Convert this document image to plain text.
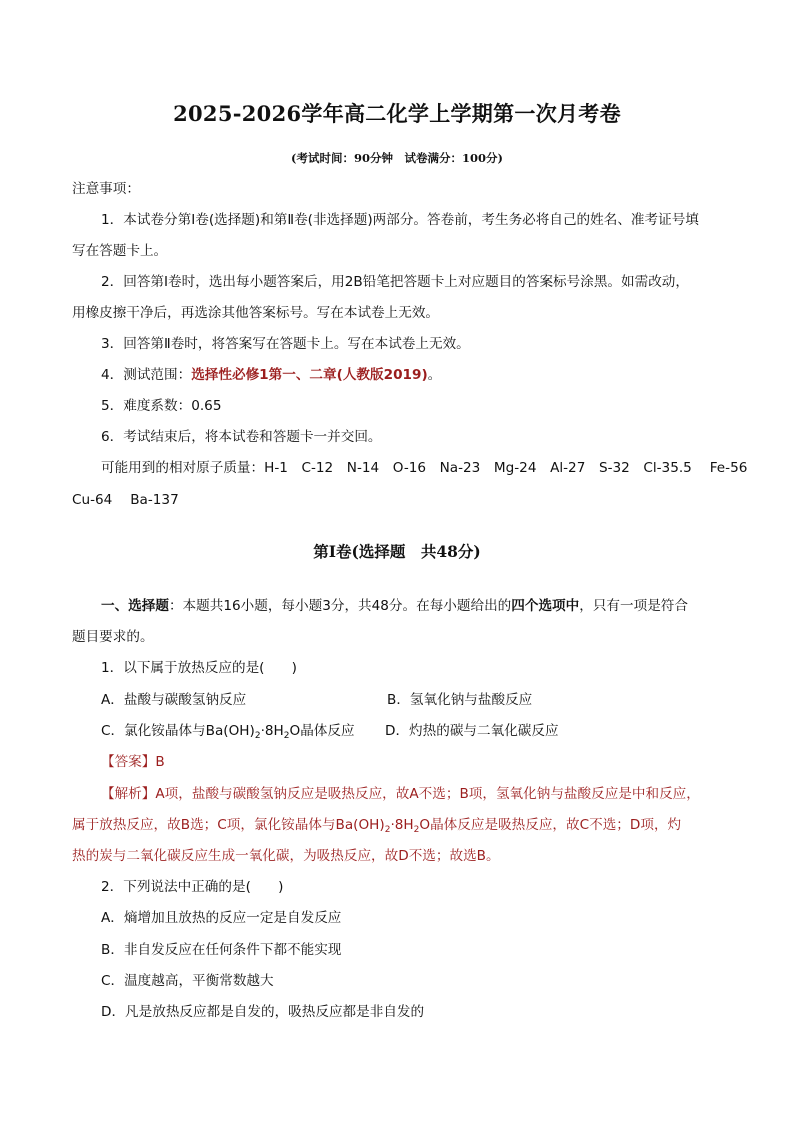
2025-2026学年高二化学上学期第一次月考卷
(考试时间：90分钟　试卷满分：100分)
注意事项：
1．本试卷分第Ⅰ卷(选择题)和第Ⅱ卷(非选择题)两部分。答卷前，考生务必将自己的姓名、准考证号填
写在答题卡上。
2．回答第Ⅰ卷时，选出每小题答案后，用2B铅笔把答题卡上对应题目的答案标号涂黑。如需改动，
用橡皮擦干净后，再选涂其他答案标号。写在本试卷上无效。
3．回答第Ⅱ卷时，将答案写在答题卡上。写在本试卷上无效。
4．测试范围：选择性必修1第一、二章(人教版2019)。
5．难度系数：0.65
6．考试结束后，将本试卷和答题卡一并交回。
可能用到的相对原子质量：H-1　C-12　N-14　O-16　Na-23　Mg-24　Al-27　S-32　Cl-35.5　 Fe-56
Cu-64　 Ba-137
第Ⅰ卷(选择题　共48分)
一、选择题：本题共16小题，每小题3分，共48分。在每小题给出的四个选项中，只有一项是符合
题目要求的。
1．以下属于放热反应的是(　　)
A．盐酸与碳酸氢钠反应	B．氢氧化钠与盐酸反应
C．氯化铵晶体与$Ba(OH)_2\cdot 8H_2O$晶体反应 D．灼热的碳与二氧化碳反应
【答案】B
【解析】A项，盐酸与碳酸氢钠反应是吸热反应，故A不选；B项，氢氧化钠与盐酸反应是中和反应，
属于放热反应，故B选；C项，氯化铵晶体与$Ba(OH)_2\cdot 8H_2O$晶体反应是吸热反应，故C不选；D项，灼
热的炭与二氧化碳反应生成一氧化碳，为吸热反应，故D不选；故选B。
2．下列说法中正确的是(　　)
A．熵增加且放热的反应一定是自发反应
B．非自发反应在任何条件下都不能实现
C．温度越高，平衡常数越大
D．凡是放热反应都是自发的，吸热反应都是非自发的
